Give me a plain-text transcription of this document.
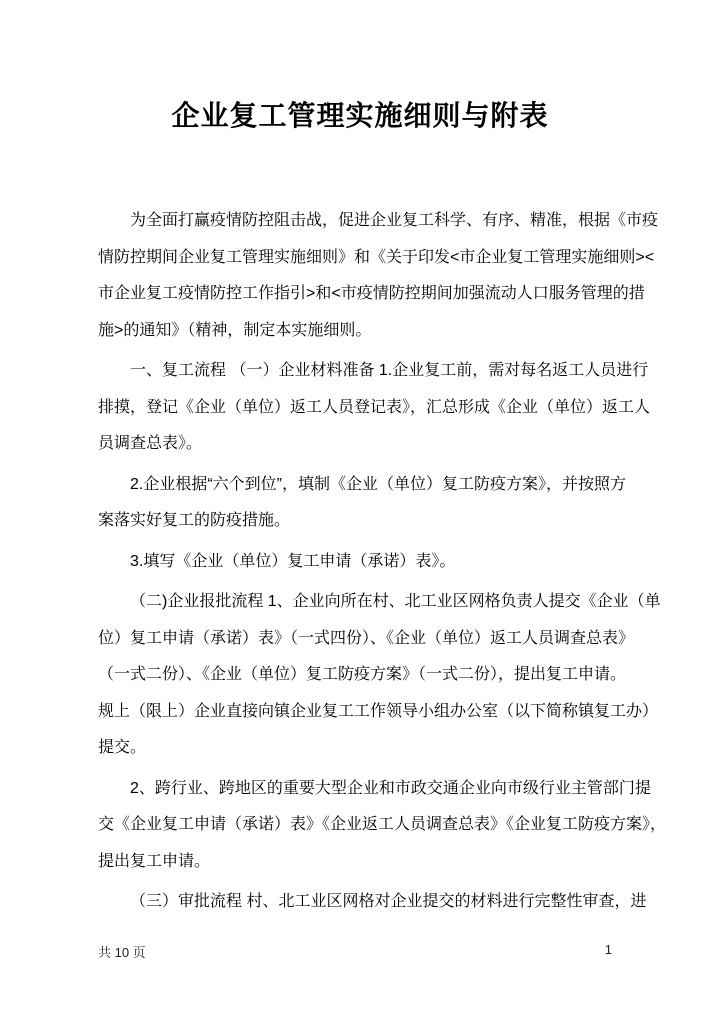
企业复工管理实施细则与附表
为全面打赢疫情防控阻击战，促进企业复工科学、有序、精准，根据《市疫
情防控期间企业复工管理实施细则》和《关于印发<市企业复工管理实施细则><
市企业复工疫情防控工作指引>和<市疫情防控期间加强流动人口服务管理的措
施>的通知》（精神，制定本实施细则。
一、复工流程 （一）企业材料准备 1.企业复工前，需对每名返工人员进行
排摸，登记《企业（单位）返工人员登记表》，汇总形成《企业（单位）返工人
员调查总表》。
2.企业根据“六个到位”，填制《企业（单位）复工防疫方案》，并按照方
案落实好复工的防疫措施。
3.填写《企业（单位）复工申请（承诺）表》。
（二)企业报批流程 1、企业向所在村、北工业区网格负责人提交《企业（单
位）复工申请（承诺）表》（一式四份）、《企业（单位）返工人员调查总表》
（一式二份）、《企业（单位）复工防疫方案》（一式二份），提出复工申请。
规上（限上）企业直接向镇企业复工工作领导小组办公室（以下简称镇复工办）
提交。
2、跨行业、跨地区的重要大型企业和市政交通企业向市级行业主管部门提
交《企业复工申请（承诺）表》《企业返工人员调查总表》《企业复工防疫方案》，
提出复工申请。
（三）审批流程 村、北工业区网格对企业提交的材料进行完整性审查，进
共 10 页	1
